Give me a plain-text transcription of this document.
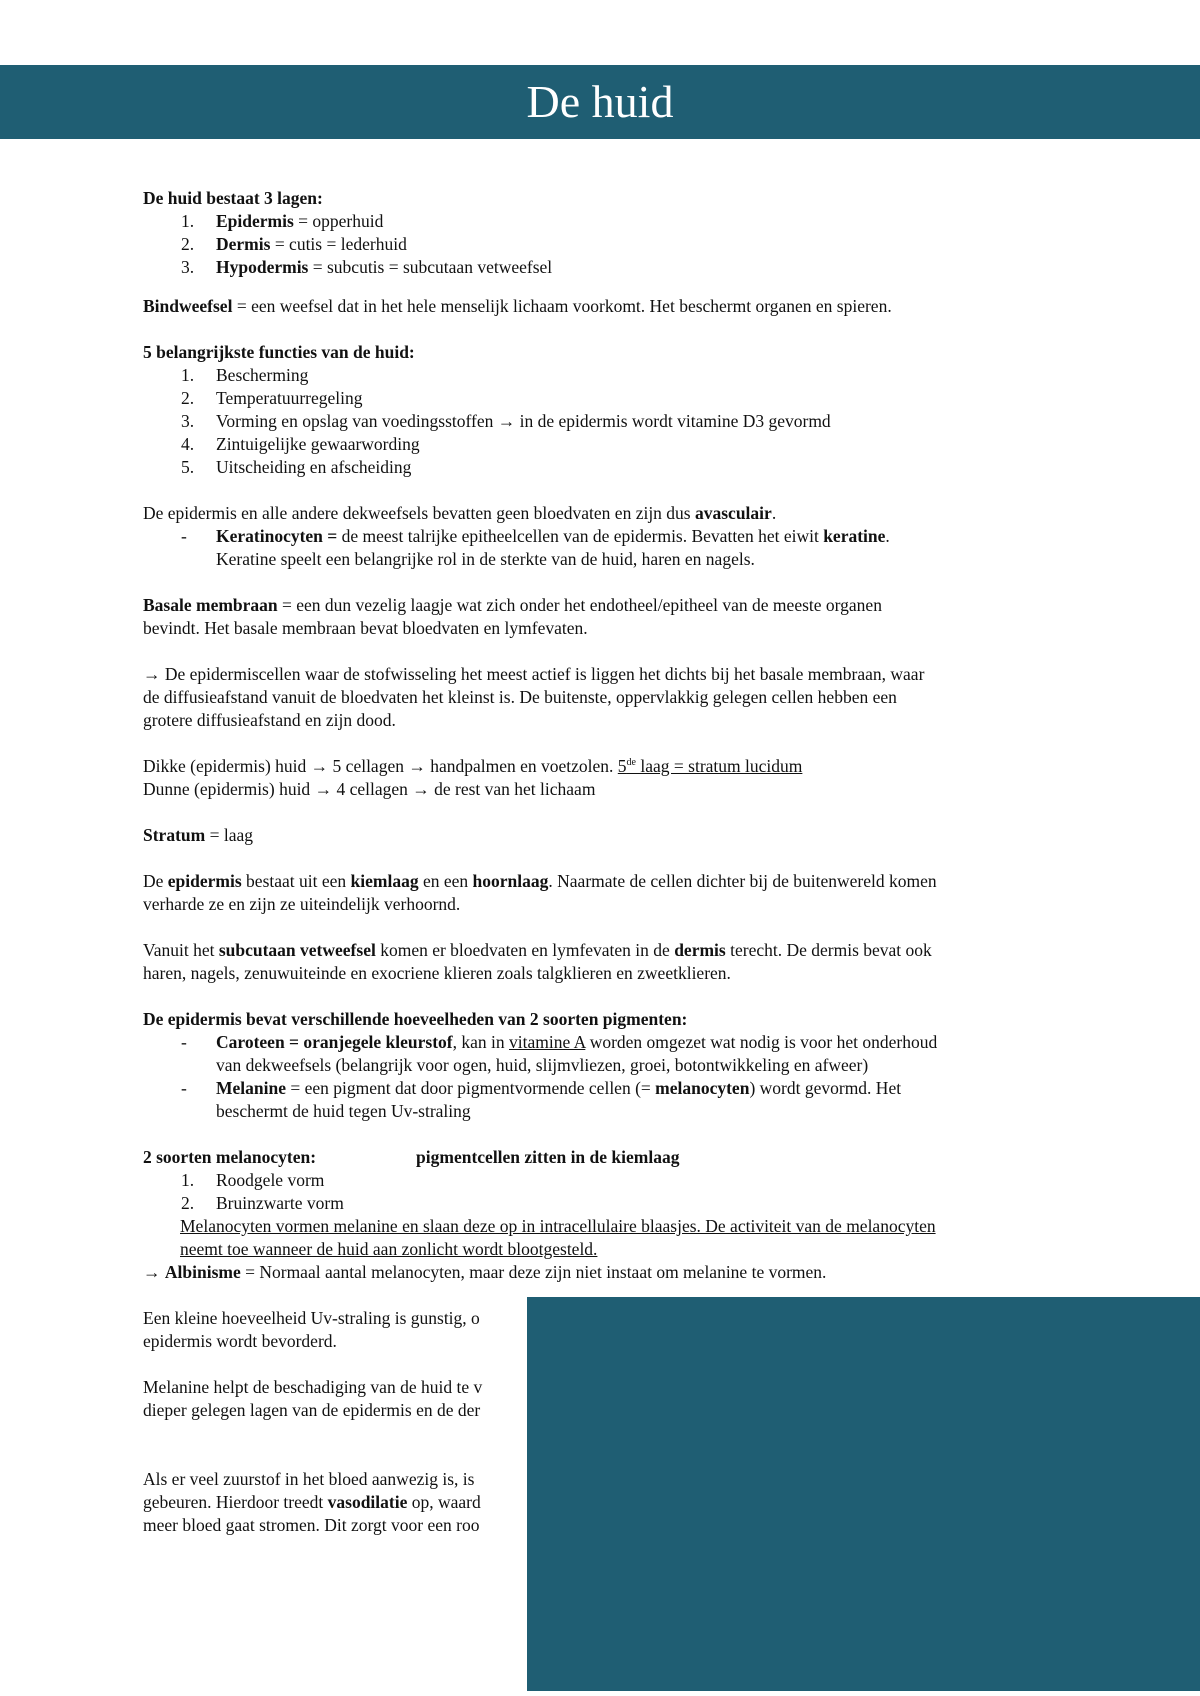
De huid

De huid bestaat 3 lagen:

1. Epidermis = opperhuid
2. Dermis = cutis = lederhuid
3. Hypodermis = subcutis = subcutaan vetweefsel

Bindweefsel = een weefsel dat in het hele menselijk lichaam voorkomt. Het beschermt organen en spieren.

5 belangrijkste functies van de huid:

1. Bescherming
2. Temperatuurregeling
3. Vorming en opslag van voedingsstoffen → in de epidermis wordt vitamine D3 gevormd
4. Zintuigelijke gewaarwording
5. Uitscheiding en afscheiding

De epidermis en alle andere dekweefsels bevatten geen bloedvaten en zijn dus avasculair.

- Keratinocyten = de meest talrijke epitheelcellen van de epidermis. Bevatten het eiwit keratine.
Keratine speelt een belangrijke rol in de sterkte van de huid, haren en nagels.

Basale membraan = een dun vezelig laagje wat zich onder het endotheel/epitheel van de meeste organen
bevindt. Het basale membraan bevat bloedvaten en lymfevaten.

→ De epidermiscellen waar de stofwisseling het meest actief is liggen het dichts bij het basale membraan, waar
de diffusieafstand vanuit de bloedvaten het kleinst is. De buitenste, oppervlakkig gelegen cellen hebben een
grotere diffusieafstand en zijn dood.

Dikke (epidermis) huid → 5 cellagen → handpalmen en voetzolen. 5de laag = stratum lucidum

Dunne (epidermis) huid → 4 cellagen → de rest van het lichaam

Stratum = laag

De epidermis bestaat uit een kiemlaag en een hoornlaag. Naarmate de cellen dichter bij de buitenwereld komen
verharde ze en zijn ze uiteindelijk verhoornd.

Vanuit het subcutaan vetweefsel komen er bloedvaten en lymfevaten in de dermis terecht. De dermis bevat ook
haren, nagels, zenuwuiteinde en exocriene klieren zoals talgklieren en zweetklieren.

De epidermis bevat verschillende hoeveelheden van 2 soorten pigmenten:

- Caroteen = oranjegele kleurstof, kan in vitamine A worden omgezet wat nodig is voor het onderhoud
van dekweefsels (belangrijk voor ogen, huid, slijmvliezen, groei, botontwikkeling en afweer)
- Melanine = een pigment dat door pigmentvormende cellen (= melanocyten) wordt gevormd. Het
beschermt de huid tegen Uv-straling

2 soorten melanocyten:	pigmentcellen zitten in de kiemlaag

1. Roodgele vorm
2. Bruinzwarte vorm

Melanocyten vormen melanine en slaan deze op in intracellulaire blaasjes. De activiteit van de melanocyten
neemt toe wanneer de huid aan zonlicht wordt blootgesteld.

→ Albinisme = Normaal aantal melanocyten, maar deze zijn niet instaat om melanine te vormen.

Een kleine hoeveelheid Uv-straling is gunstig, o
epidermis wordt bevorderd.

Melanine helpt de beschadiging van de huid te v
dieper gelegen lagen van de epidermis en de der

Als er veel zuurstof in het bloed aanwezig is, is
gebeuren. Hierdoor treedt vasodilatie op, waard
meer bloed gaat stromen. Dit zorgt voor een roo
